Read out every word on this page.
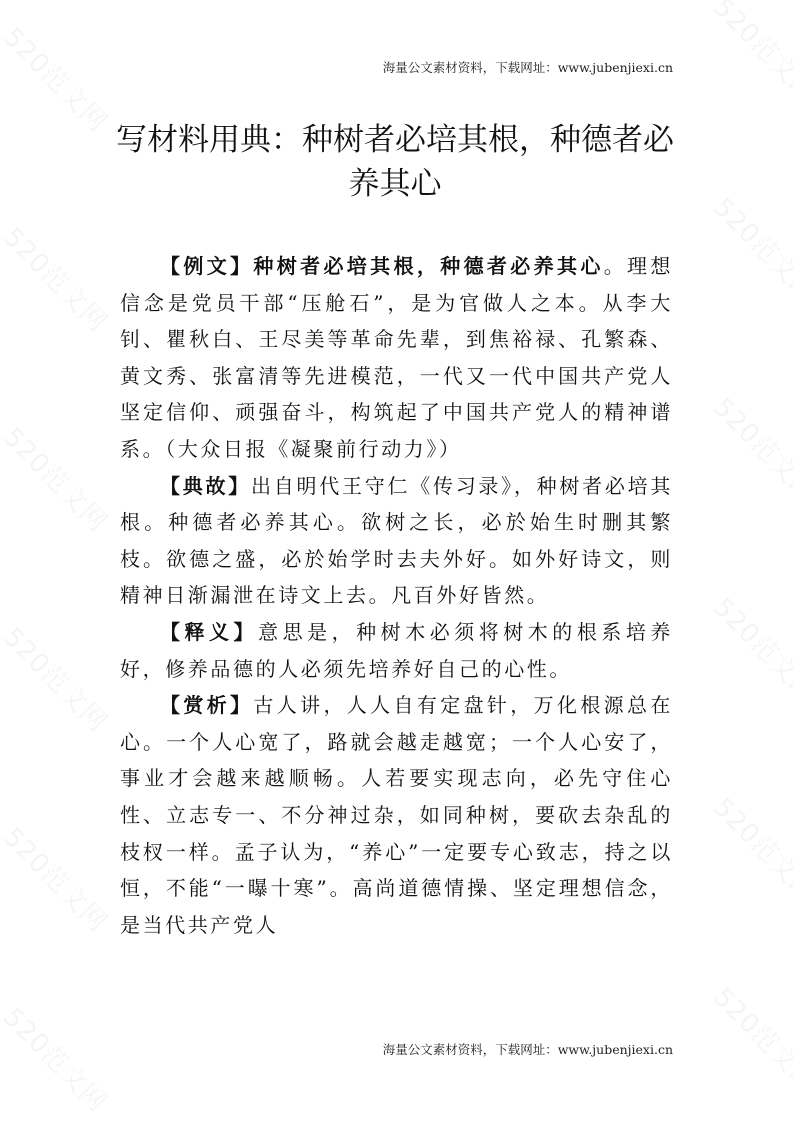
海量公文素材资料，下载网址：www.jubenjiexi.cn
写材料用典：种树者必培其根，种德者必养其心

【例文】种树者必培其根，种德者必养其心。理想信念是党员干部“压舱石”，是为官做人之本。从李大钊、瞿秋白、王尽美等革命先辈，到焦裕禄、孔繁森、黄文秀、张富清等先进模范，一代又一代中国共产党人坚定信仰、顽强奋斗，构筑起了中国共产党人的精神谱系。（大众日报《凝聚前行动力》）

【典故】出自明代王守仁《传习录》，种树者必培其根。种德者必养其心。欲树之长，必於始生时删其繁枝。欲德之盛，必於始学时去夫外好。如外好诗文，则精神日渐漏泄在诗文上去。凡百外好皆然。

【释义】意思是，种树木必须将树木的根系培养好，修养品德的人必须先培养好自己的心性。

【赏析】古人讲，人人自有定盘针，万化根源总在心。一个人心宽了，路就会越走越宽；一个人心安了，事业才会越来越顺畅。人若要实现志向，必先守住心性、立志专一、不分神过杂，如同种树，要砍去杂乱的枝杈一样。孟子认为，“养心”一定要专心致志，持之以恒，不能“一曝十寒”。高尚道德情操、坚定理想信念，是当代共产党人

海量公文素材资料，下载网址：www.jubenjiexi.cn
